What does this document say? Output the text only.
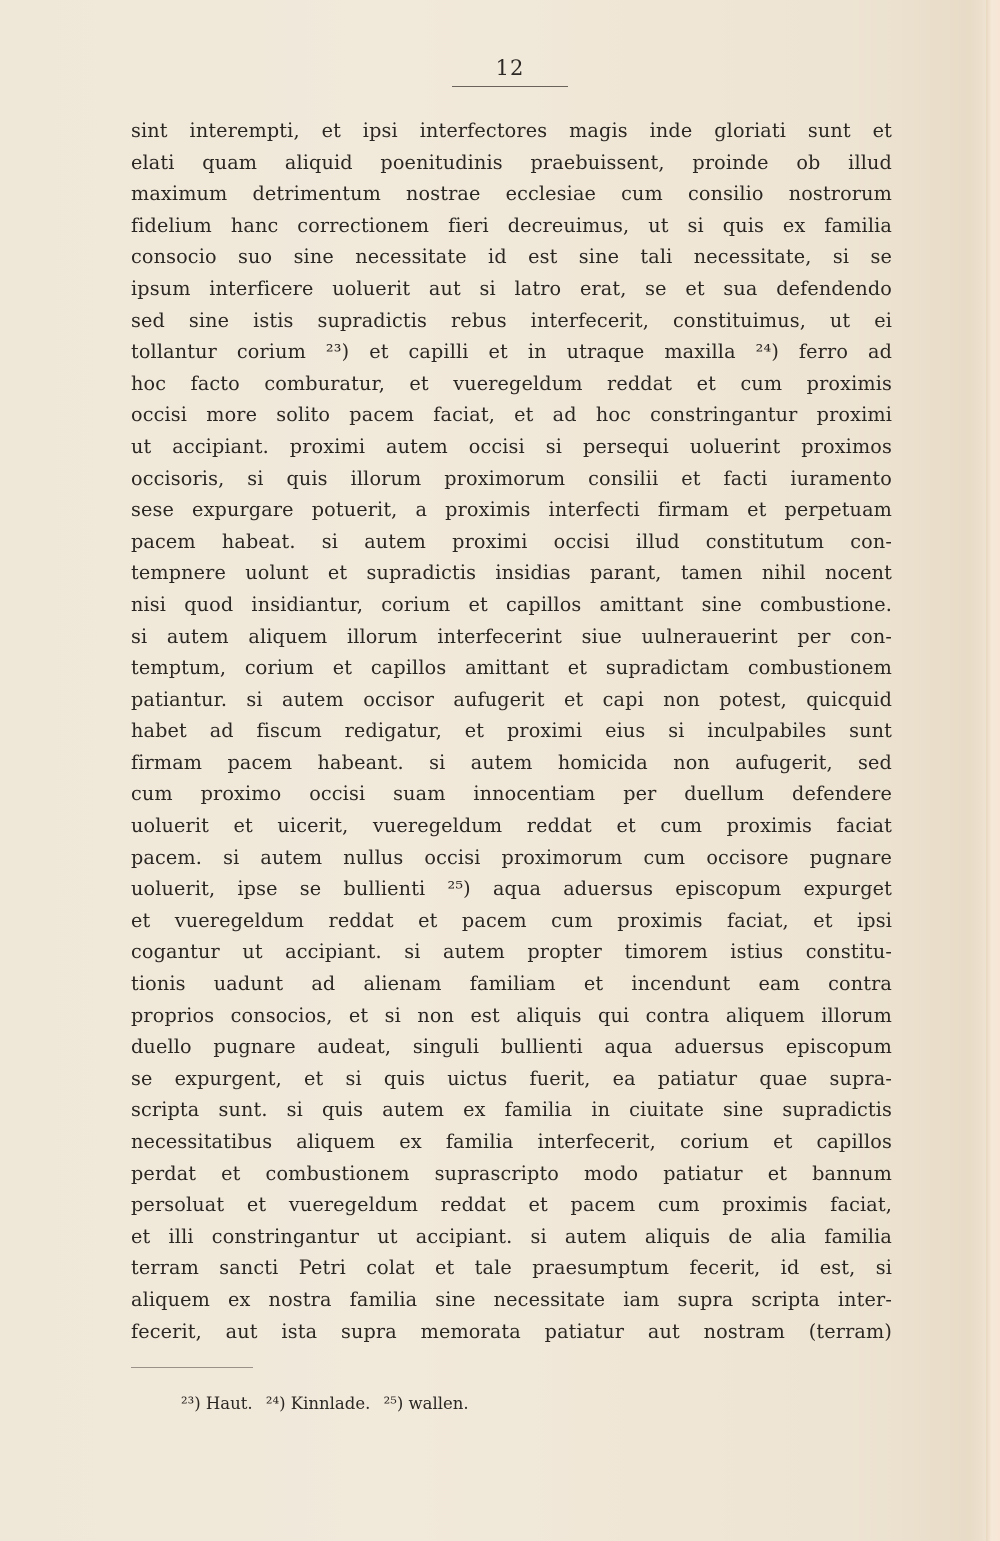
12
sint interempti, et ipsi interfectores magis inde gloriati sunt et
elati quam aliquid poenitudinis praebuissent, proinde ob illud
maximum detrimentum nostrae ecclesiae cum consilio nostrorum
fidelium hanc correctionem fieri decreuimus, ut si quis ex familia
consocio suo sine necessitate id est sine tali necessitate, si se
ipsum interficere uoluerit aut si latro erat, se et sua defendendo
sed sine istis supradictis rebus interfecerit, constituimus, ut ei
tollantur corium ²³) et capilli et in utraque maxilla ²⁴) ferro ad
hoc facto comburatur, et vueregeldum reddat et cum proximis
occisi more solito pacem faciat, et ad hoc constringantur proximi
ut accipiant. proximi autem occisi si persequi uoluerint proximos
occisoris, si quis illorum proximorum consilii et facti iuramento
sese expurgare potuerit, a proximis interfecti firmam et perpetuam
pacem habeat. si autem proximi occisi illud constitutum con-
tempnere uolunt et supradictis insidias parant, tamen nihil nocent
nisi quod insidiantur, corium et capillos amittant sine combustione.
si autem aliquem illorum interfecerint siue uulnerauerint per con-
temptum, corium et capillos amittant et supradictam combustionem
patiantur. si autem occisor aufugerit et capi non potest, quicquid
habet ad fiscum redigatur, et proximi eius si inculpabiles sunt
firmam pacem habeant. si autem homicida non aufugerit, sed
cum proximo occisi suam innocentiam per duellum defendere
uoluerit et uicerit, vueregeldum reddat et cum proximis faciat
pacem. si autem nullus occisi proximorum cum occisore pugnare
uoluerit, ipse se bullienti ²⁵) aqua aduersus episcopum expurget
et vueregeldum reddat et pacem cum proximis faciat, et ipsi
cogantur ut accipiant. si autem propter timorem istius constitu-
tionis uadunt ad alienam familiam et incendunt eam contra
proprios consocios, et si non est aliquis qui contra aliquem illorum
duello pugnare audeat, singuli bullienti aqua aduersus episcopum
se expurgent, et si quis uictus fuerit, ea patiatur quae supra-
scripta sunt. si quis autem ex familia in ciuitate sine supradictis
necessitatibus aliquem ex familia interfecerit, corium et capillos
perdat et combustionem suprascripto modo patiatur et bannum
persoluat et vueregeldum reddat et pacem cum proximis faciat,
et illi constringantur ut accipiant. si autem aliquis de alia familia
terram sancti Petri colat et tale praesumptum fecerit, id est, si
aliquem ex nostra familia sine necessitate iam supra scripta inter-
fecerit, aut ista supra memorata patiatur aut nostram (terram)
²³) Haut. ²⁴) Kinnlade. ²⁵) wallen.
